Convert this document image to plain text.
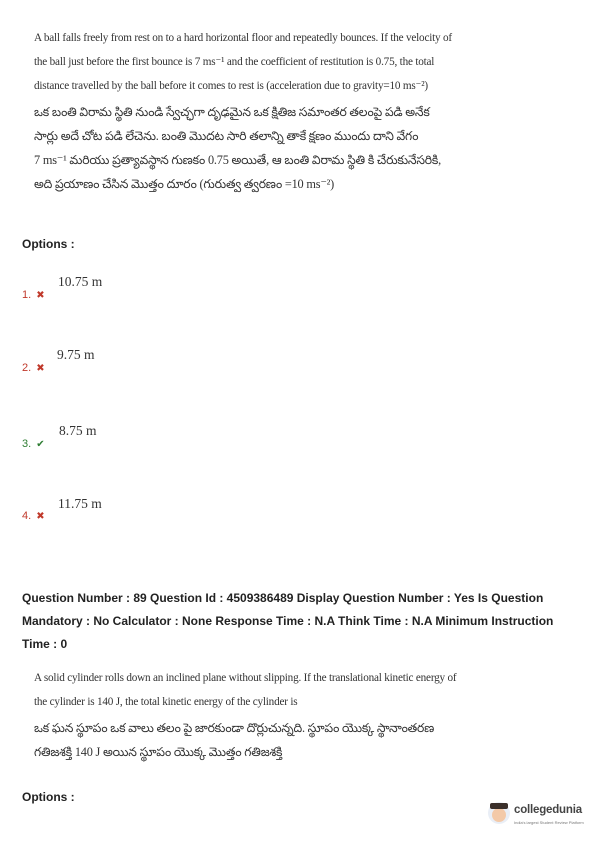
A ball falls freely from rest on to a hard horizontal floor and repeatedly bounces. If the velocity of
the ball just before the first bounce is 7 ms⁻¹ and the coefficient of restitution is 0.75, the total
distance travelled by the ball before it comes to rest is (acceleration due to gravity=10 ms⁻²)
ఒక బంతి విరామ స్థితి నుండి స్వేచ్ఛగా దృఢమైన ఒక క్షితిజ సమాంతర తలంపై పడి అనేక
సార్లు అదే చోట పడి లేచెను. బంతి మొదట సారి తలాన్ని తాకే క్షణం ముందు దాని వేగం
7 ms⁻¹ మరియు ప్రత్యావస్థాన గుణకం 0.75 అయితే, ఆ బంతి విరామ స్థితి కి చేరుకునేసరికి,
అది ప్రయాణం చేసిన మొత్తం దూరం (గురుత్వ త్వరణం =10 ms⁻²)
Options :
10.75 m
1. ✖
9.75 m
2. ✖
8.75 m
3. ✔
11.75 m
4. ✖
Question Number : 89 Question Id : 4509386489 Display Question Number : Yes Is Question
Mandatory : No Calculator : None Response Time : N.A Think Time : N.A Minimum Instruction
Time : 0
A solid cylinder rolls down an inclined plane without slipping. If the translational kinetic energy of
the cylinder is 140 J, the total kinetic energy of the cylinder is
ఒక ఘన స్థూపం ఒక వాలు తలం పై జారకుండా దొర్లుచున్నది. స్థూపం యొక్క స్థానాంతరణ
గతిజశక్తి 140 J అయిన స్థూపం యొక్క మొత్తం గతిజశక్తి
Options :
collegedunia
India's largest Student Review Platform
